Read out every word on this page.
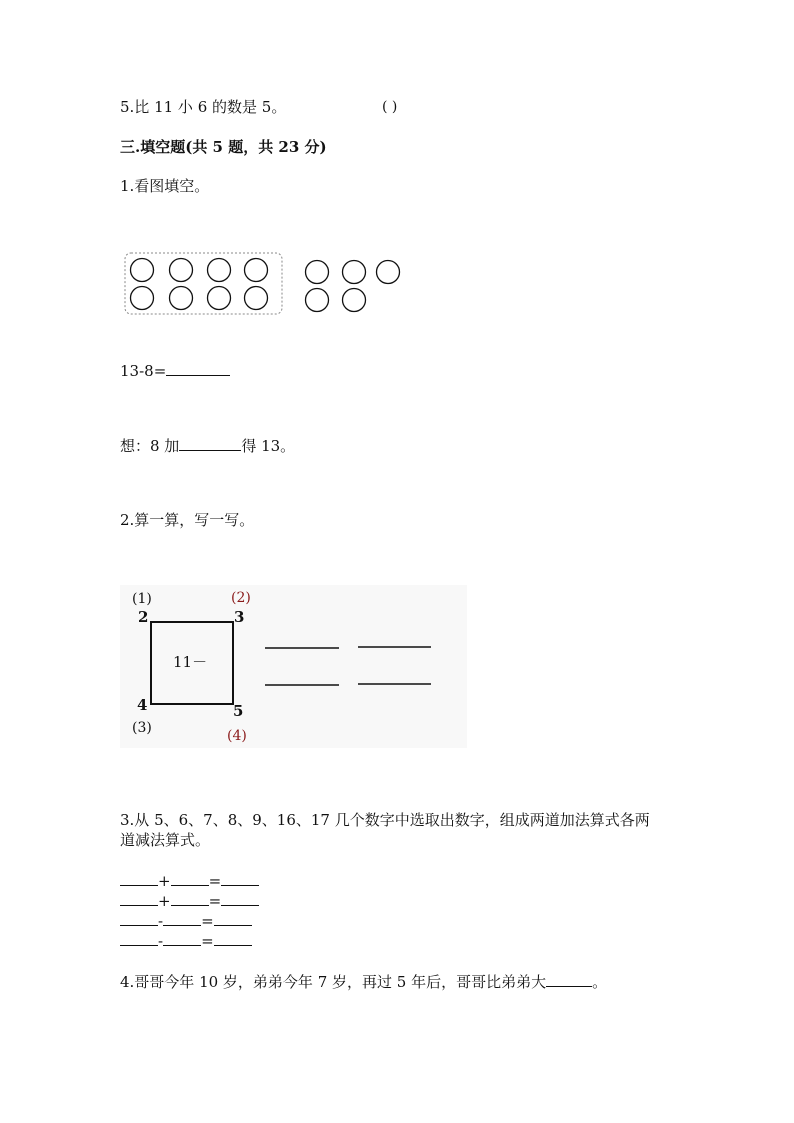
5.比 11 小 6 的数是 5。	( )
三.填空题(共 5 题，共 23 分)
1.看图填空。
13-8=
想：8 加	得 13。
2.算一算，写一写。
(1)	(2)
(3)	(4)
2	3
4	5
11－
3.从 5、6、7、8、9、16、17 几个数字中选取出数字，组成两道加法算式各两
道减法算式。
+	=
+	=
-	=
-	=
4.哥哥今年 10 岁，弟弟今年 7 岁，再过 5 年后，哥哥比弟弟大	。
